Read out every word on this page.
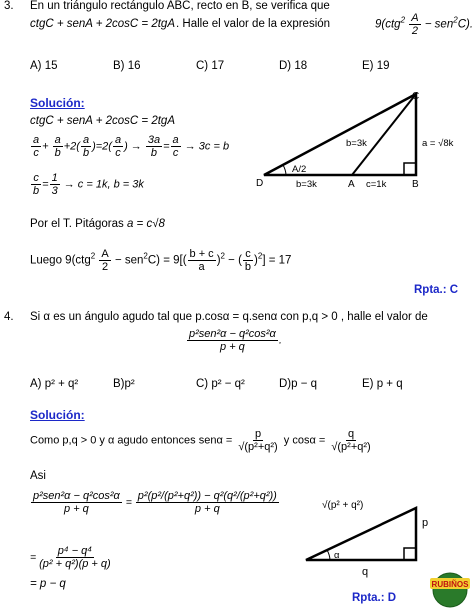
3. En un triángulo rectángulo ABC, recto en B, se verifica que
ctgC + senA + 2cosC = 2tgA . Halle el valor de la expresión	$9(ctg^2 \frac{A}{2} - sen^2C)$.
A) 15	B) 16	C) 17	D) 18	E) 19
Solución:
ctgC + senA + 2cosC = 2tgA
$\frac{a}{c} + \frac{a}{b} +2( \frac{a}{b} )=2( \frac{a}{c}$ ) → $\frac{3a}{b} = \frac{a}{c} \to 3c = b$
$\frac{c}{b} = \frac{1}{3} \to c = 1k$, b = 3k
Por el T. Pitágoras a = c√8
Luego $9(ctg^2 \frac{A}{2} - sen^2C) = 9[( \frac{b + c}{a} )^2$ − ( $\frac{c}{b} )^2] = 17$
Rpta.: C
C
D	A	B
A/2
b=3k	a = √8k
b=3k	c=1k
4. Si α es un ángulo agudo tal que p.cosα = q.senα con p,q > 0 , halle el valor de
$\frac{\text{p²sen²α − q²cos²α}}{p + q}$ .
A) p² + q²	B)p²	C) p² − q²	D)p − q	E) p + q
Solución:
Como p,q > 0 y α agudo entonces $sen\alpha = \frac{p}{\text{√(p²+q²)}}$ y $\cos\alpha = \frac{q}{\text{√(p²+q²)}}$
Asi
$\frac{\text{p²sen²α − q²cos²α}}{p + q} = \frac{\text{p²(p²/(p²+q²)) − q²(q²/(p²+q²))}}{p + q}$
= $\frac{\text{p⁴ − q⁴}}{\text{(p² + q²)(p + q)}}$
= p − q
Rpta.: D
√(p² + q²)
p
q
α
RUBIÑOS
